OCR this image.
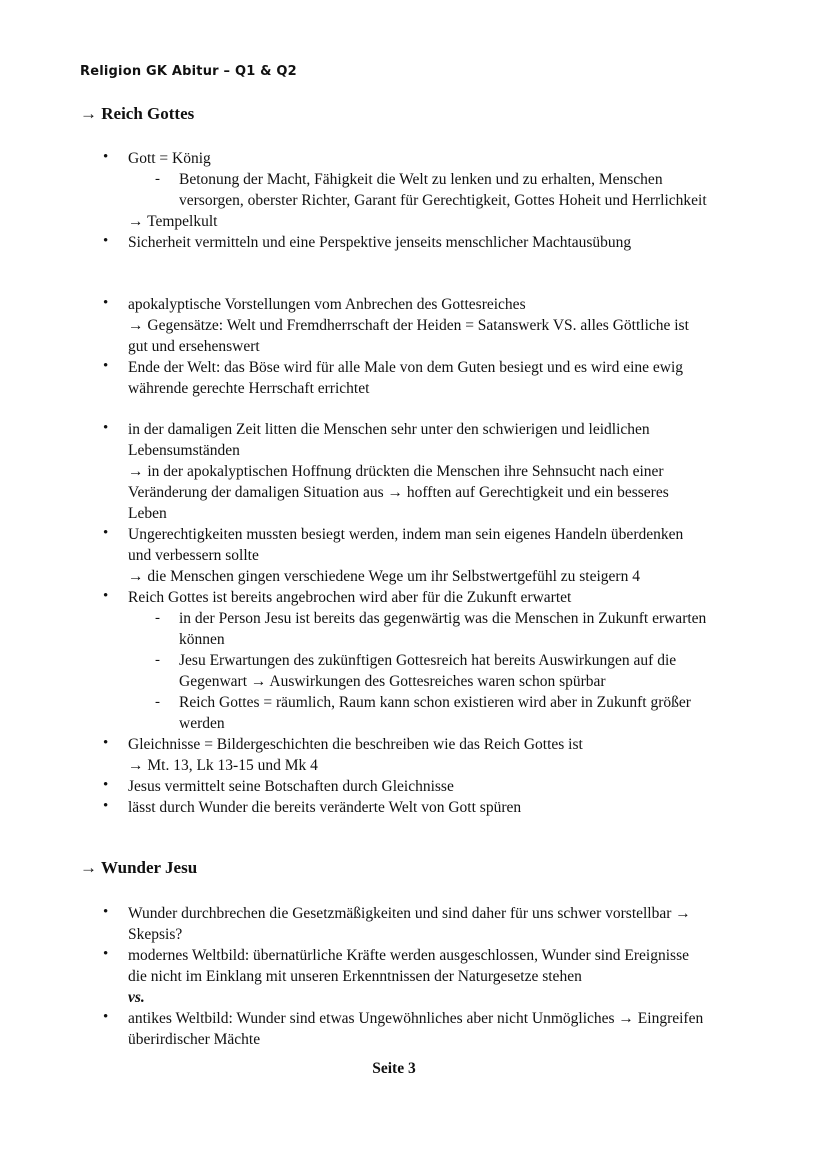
Religion GK Abitur – Q1 & Q2
→ Reich Gottes
• Gott = König
- Betonung der Macht, Fähigkeit die Welt zu lenken und zu erhalten, Menschen
versorgen, oberster Richter, Garant für Gerechtigkeit, Gottes Hoheit und Herrlichkeit
→ Tempelkult
• Sicherheit vermitteln und eine Perspektive jenseits menschlicher Machtausübung
• apokalyptische Vorstellungen vom Anbrechen des Gottesreiches
→ Gegensätze: Welt und Fremdherrschaft der Heiden = Satanswerk VS. alles Göttliche ist
gut und ersehenswert
• Ende der Welt: das Böse wird für alle Male von dem Guten besiegt und es wird eine ewig
währende gerechte Herrschaft errichtet
• in der damaligen Zeit litten die Menschen sehr unter den schwierigen und leidlichen
Lebensumständen
→ in der apokalyptischen Hoffnung drückten die Menschen ihre Sehnsucht nach einer
Veränderung der damaligen Situation aus → hofften auf Gerechtigkeit und ein besseres
Leben
• Ungerechtigkeiten mussten besiegt werden, indem man sein eigenes Handeln überdenken
und verbessern sollte
→ die Menschen gingen verschiedene Wege um ihr Selbstwertgefühl zu steigern 4
• Reich Gottes ist bereits angebrochen wird aber für die Zukunft erwartet
- in der Person Jesu ist bereits das gegenwärtig was die Menschen in Zukunft erwarten
können
- Jesu Erwartungen des zukünftigen Gottesreich hat bereits Auswirkungen auf die
Gegenwart → Auswirkungen des Gottesreiches waren schon spürbar
- Reich Gottes = räumlich, Raum kann schon existieren wird aber in Zukunft größer
werden
• Gleichnisse = Bildergeschichten die beschreiben wie das Reich Gottes ist
→ Mt. 13, Lk 13-15 und Mk 4
• Jesus vermittelt seine Botschaften durch Gleichnisse
• lässt durch Wunder die bereits veränderte Welt von Gott spüren
→ Wunder Jesu
• Wunder durchbrechen die Gesetzmäßigkeiten und sind daher für uns schwer vorstellbar →
Skepsis?
• modernes Weltbild: übernatürliche Kräfte werden ausgeschlossen, Wunder sind Ereignisse
die nicht im Einklang mit unseren Erkenntnissen der Naturgesetze stehen
vs.
• antikes Weltbild: Wunder sind etwas Ungewöhnliches aber nicht Unmögliches → Eingreifen
überirdischer Mächte
Seite 3
